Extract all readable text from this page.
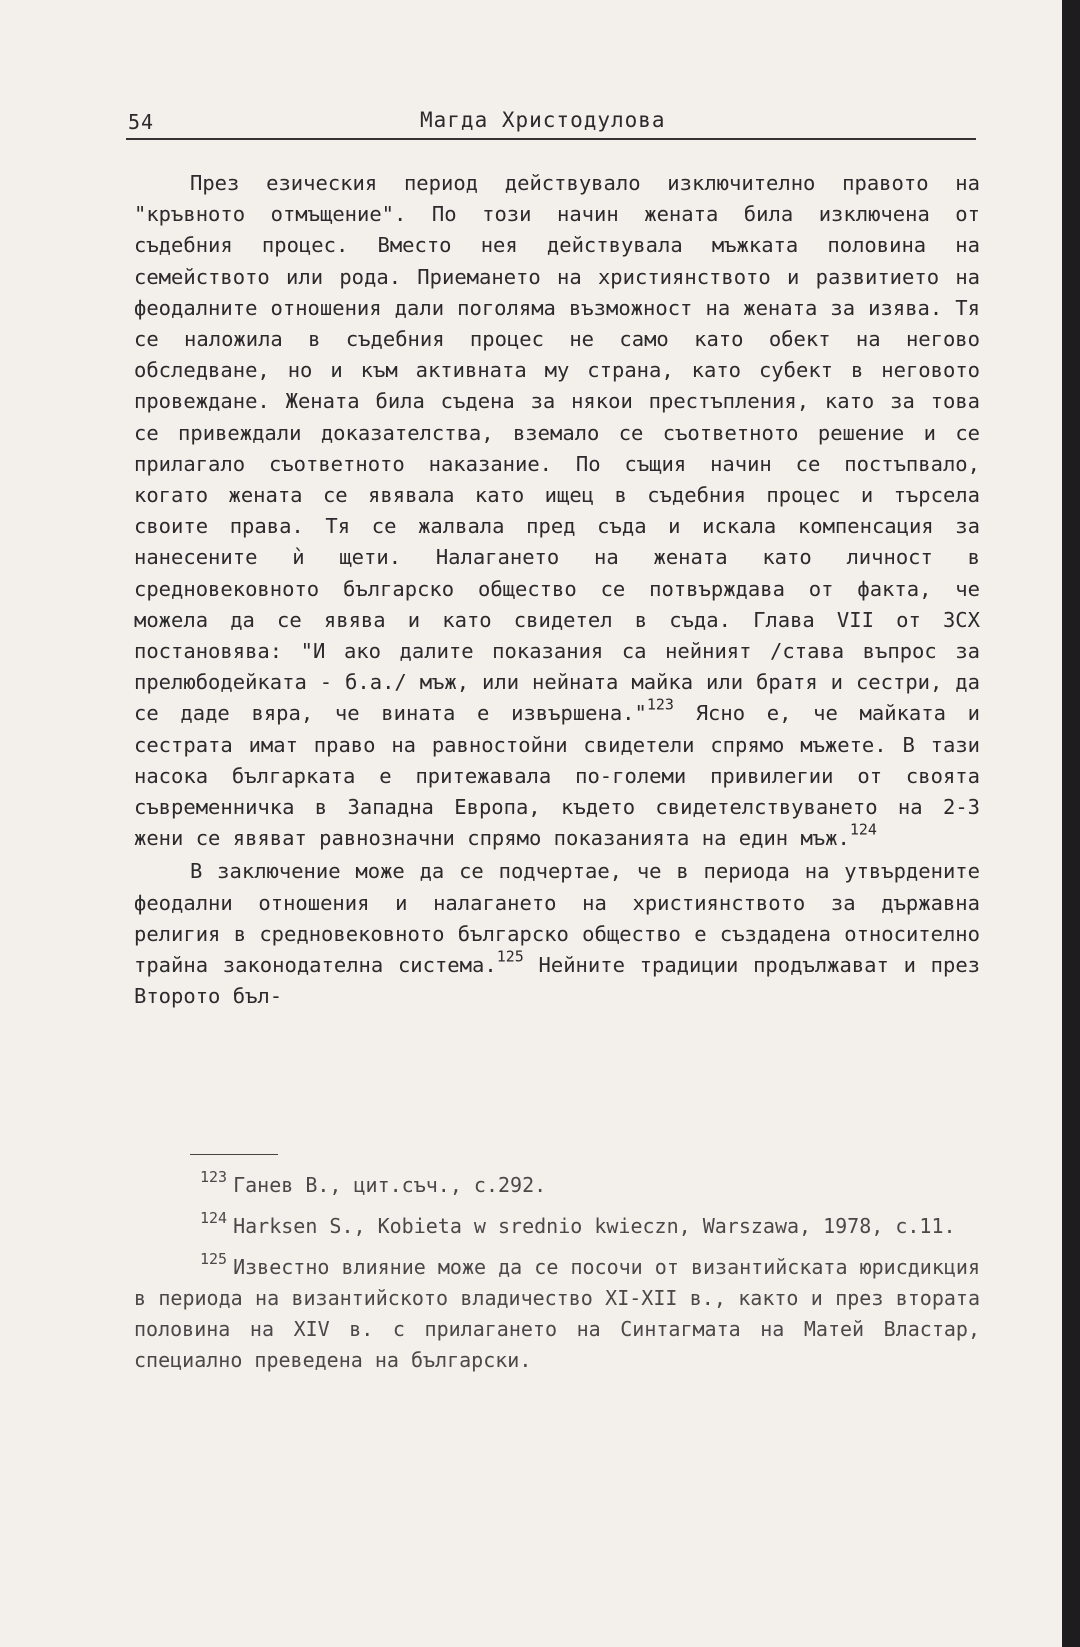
54	Магда Христодулова

През езическия период действувало изключително правото на "кръвното отмъщение". По този начин жената била изключена от съдебния процес. Вместо нея действувала мъжката половина на семейството или рода. Приемането на християнството и развитието на феодалните отношения дали поголяма възможност на жената за изява. Тя се наложила в съдебния процес не само като обект на негово обследване, но и към активната му страна, като субект в неговото провеждане. Жената била съдена за някои престъпления, като за това се привеждали доказателства, вземало се съответното решение и се прилагало съответното наказание. По същия начин се постъпвало, когато жената се явявала като ищец в съдебния процес и търсела своите права. Тя се жалвала пред съда и искала компенсация за нанесените ѝ щети. Налагането на жената като личност в средновековното българско общество се потвърждава от факта, че можела да се явява и като свидетел в съда. Глава VII от ЗСХ постановява: "И ако далите показания са нейният /става въпрос за прелюбодейката - б.а./ мъж, или нейната майка или братя и сестри, да се даде вяра, че вината е извършена."$^{123}$ Ясно е, че майката и сестрата имат право на равностойни свидетели спрямо мъжете. В тази насока българката е притежавала по-големи привилегии от своята съвременничка в Западна Европа, където свидетелствуването на 2-3 жени се явяват равнозначни спрямо показанията на един мъж.$^{124}$

В заключение може да се подчертае, че в периода на утвърдените феодални отношения и налагането на християнството за държавна религия в средновековното българско общество е създадена относително трайна законодателна система.$^{125}$ Нейните традиции продължават и през Второто бъл-

$^{123}$ Ганев В., цит.съч., с.292.

$^{124}$ Harksen S., Kobieta w srednio kwieczn, Warszawa, 1978, c.11.

$^{125}$ Известно влияние може да се посочи от византийската юрисдикция в периода на византийското владичество XI-XII в., както и през втората половина на XIV в. с прилагането на Синтагмата на Матей Властар, специално преведена на български.
